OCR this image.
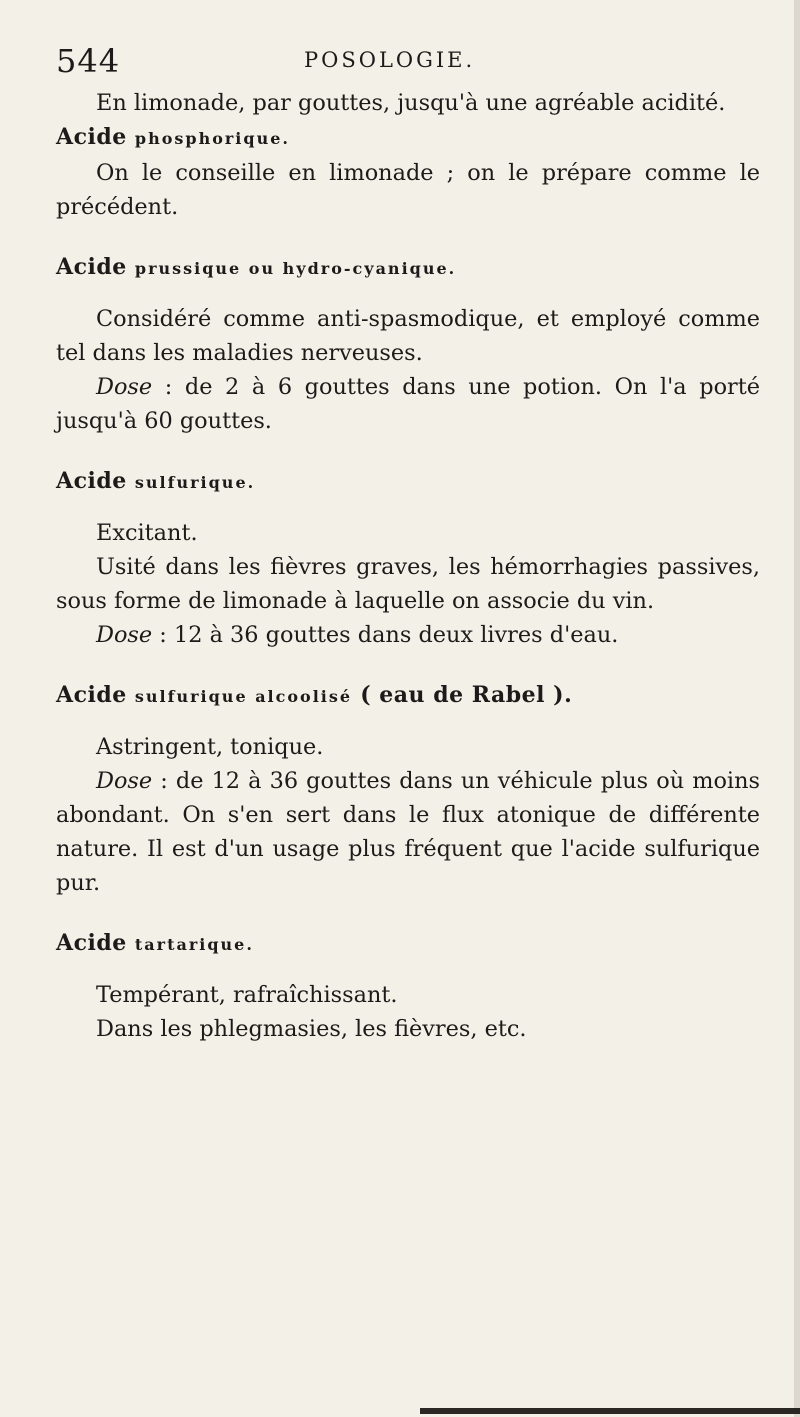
544	POSOLOGIE.

En limonade, par gouttes, jusqu'à une agréable acidité.

Acide phosphorique.

On le conseille en limonade ; on le prépare comme le précédent.

Acide prussique ou hydro-cyanique.

Considéré comme anti-spasmodique, et employé comme tel dans les maladies nerveuses.

Dose : de 2 à 6 gouttes dans une potion. On l'a porté jusqu'à 60 gouttes.

Acide sulfurique.

Excitant.

Usité dans les fièvres graves, les hémorrhagies passives, sous forme de limonade à laquelle on associe du vin.

Dose : 12 à 36 gouttes dans deux livres d'eau.

Acide sulfurique alcoolisé ( eau de Rabel ).

Astringent, tonique.

Dose : de 12 à 36 gouttes dans un véhicule plus où moins abondant. On s'en sert dans le flux atonique de différente nature. Il est d'un usage plus fréquent que l'acide sulfurique pur.

Acide tartarique.

Tempérant, rafraîchissant.

Dans les phlegmasies, les fièvres, etc.
